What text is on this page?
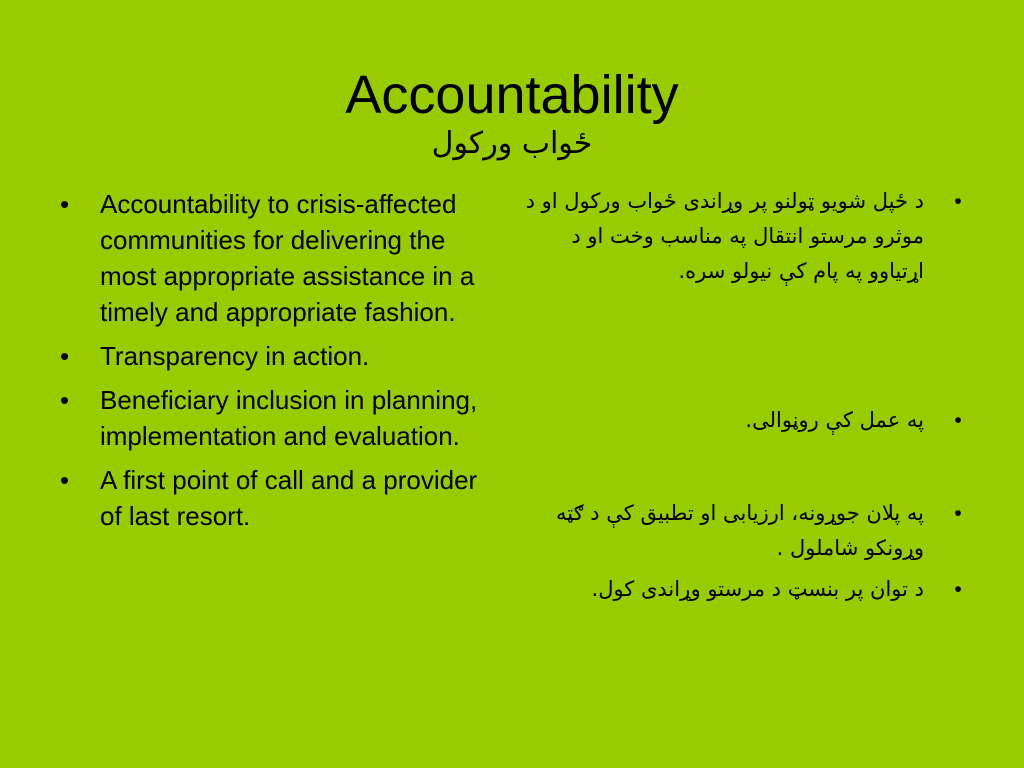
Accountability
ځواب ورکول
•	Accountability to crisis-affected communities for delivering the most appropriate assistance in a timely and appropriate fashion.
•	Transparency in action.
•	Beneficiary inclusion in planning, implementation and evaluation.
•	A first point of call and a provider of last resort.
•
د ځپل شویو ټولنو پر وړاندی ځواب ورکول او د موثرو مرستو انتقال په مناسب وخت او د اړتیاوو په پام کې نیولو سره.
•
په عمل کې روڼوالی.
•
په پلان جوړونه، ارزیابی او تطبیق کې د ګټه وړونکو شاملول .
•
د توان پر بنسټ د مرستو وړاندی کول.
